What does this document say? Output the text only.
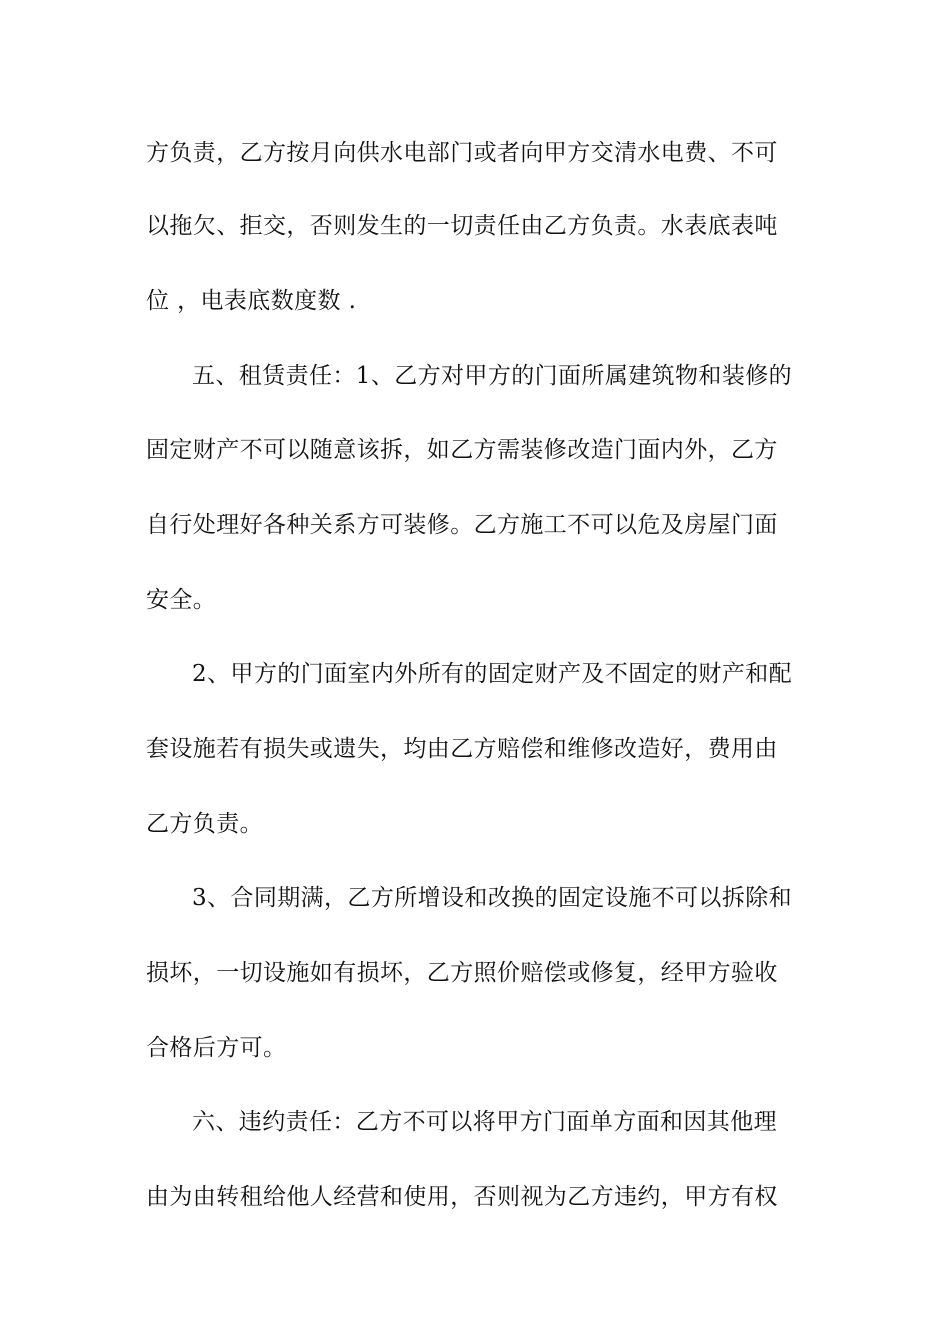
方负责，乙方按月向供水电部门或者向甲方交清水电费、不可
以拖欠、拒交，否则发生的一切责任由乙方负责。水表底表吨
位 ，电表底数度数 .
五、租赁责任：1、乙方对甲方的门面所属建筑物和装修的
固定财产不可以随意该拆，如乙方需装修改造门面内外，乙方
自行处理好各种关系方可装修。乙方施工不可以危及房屋门面
安全。
2、甲方的门面室内外所有的固定财产及不固定的财产和配
套设施若有损失或遗失，均由乙方赔偿和维修改造好，费用由
乙方负责。
3、合同期满，乙方所增设和改换的固定设施不可以拆除和
损坏，一切设施如有损坏，乙方照价赔偿或修复，经甲方验收
合格后方可。
六、违约责任：乙方不可以将甲方门面单方面和因其他理
由为由转租给他人经营和使用，否则视为乙方违约，甲方有权
